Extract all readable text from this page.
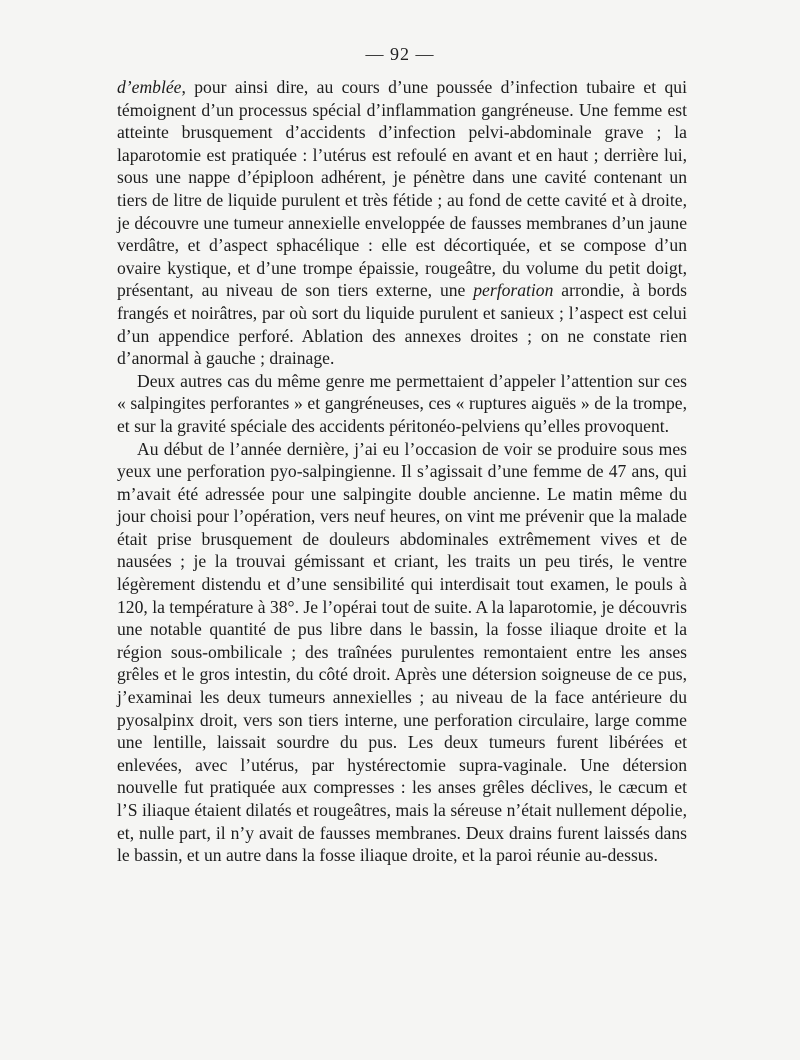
— 92 —

d’emblée, pour ainsi dire, au cours d’une poussée d’infection tubaire et qui témoignent d’un processus spécial d’inflammation gangréneuse. Une femme est atteinte brusquement d’accidents d’infection pelvi-abdominale grave ; la laparotomie est pratiquée : l’utérus est refoulé en avant et en haut ; derrière lui, sous une nappe d’épiploon adhérent, je pénètre dans une cavité contenant un tiers de litre de liquide purulent et très fétide ; au fond de cette cavité et à droite, je découvre une tumeur annexielle enveloppée de fausses membranes d’un jaune verdâtre, et d’aspect sphacélique : elle est décortiquée, et se compose d’un ovaire kystique, et d’une trompe épaissie, rougeâtre, du volume du petit doigt, présentant, au niveau de son tiers externe, une perforation arrondie, à bords frangés et noirâtres, par où sort du liquide purulent et sanieux ; l’aspect est celui d’un appendice perforé. Ablation des annexes droites ; on ne constate rien d’anormal à gauche ; drainage.

Deux autres cas du même genre me permettaient d’appeler l’attention sur ces « salpingites perforantes » et gangréneuses, ces « ruptures aiguës » de la trompe, et sur la gravité spéciale des accidents péritonéo-pelviens qu’elles provoquent.

Au début de l’année dernière, j’ai eu l’occasion de voir se produire sous mes yeux une perforation pyo-salpingienne. Il s’agissait d’une femme de 47 ans, qui m’avait été adressée pour une salpingite double ancienne. Le matin même du jour choisi pour l’opération, vers neuf heures, on vint me prévenir que la malade était prise brusquement de douleurs abdominales extrêmement vives et de nausées ; je la trouvai gémissant et criant, les traits un peu tirés, le ventre légèrement distendu et d’une sensibilité qui interdisait tout examen, le pouls à 120, la température à 38°. Je l’opérai tout de suite. A la laparotomie, je découvris une notable quantité de pus libre dans le bassin, la fosse iliaque droite et la région sous-ombilicale ; des traînées purulentes remontaient entre les anses grêles et le gros intestin, du côté droit. Après une détersion soigneuse de ce pus, j’examinai les deux tumeurs annexielles ; au niveau de la face antérieure du pyosalpinx droit, vers son tiers interne, une perforation circulaire, large comme une lentille, laissait sourdre du pus. Les deux tumeurs furent libérées et enlevées, avec l’utérus, par hystérectomie supra-vaginale. Une détersion nouvelle fut pratiquée aux compresses : les anses grêles déclives, le cæcum et l’S iliaque étaient dilatés et rougeâtres, mais la séreuse n’était nullement dépolie, et, nulle part, il n’y avait de fausses membranes. Deux drains furent laissés dans le bassin, et un autre dans la fosse iliaque droite, et la paroi réunie au-dessus.
